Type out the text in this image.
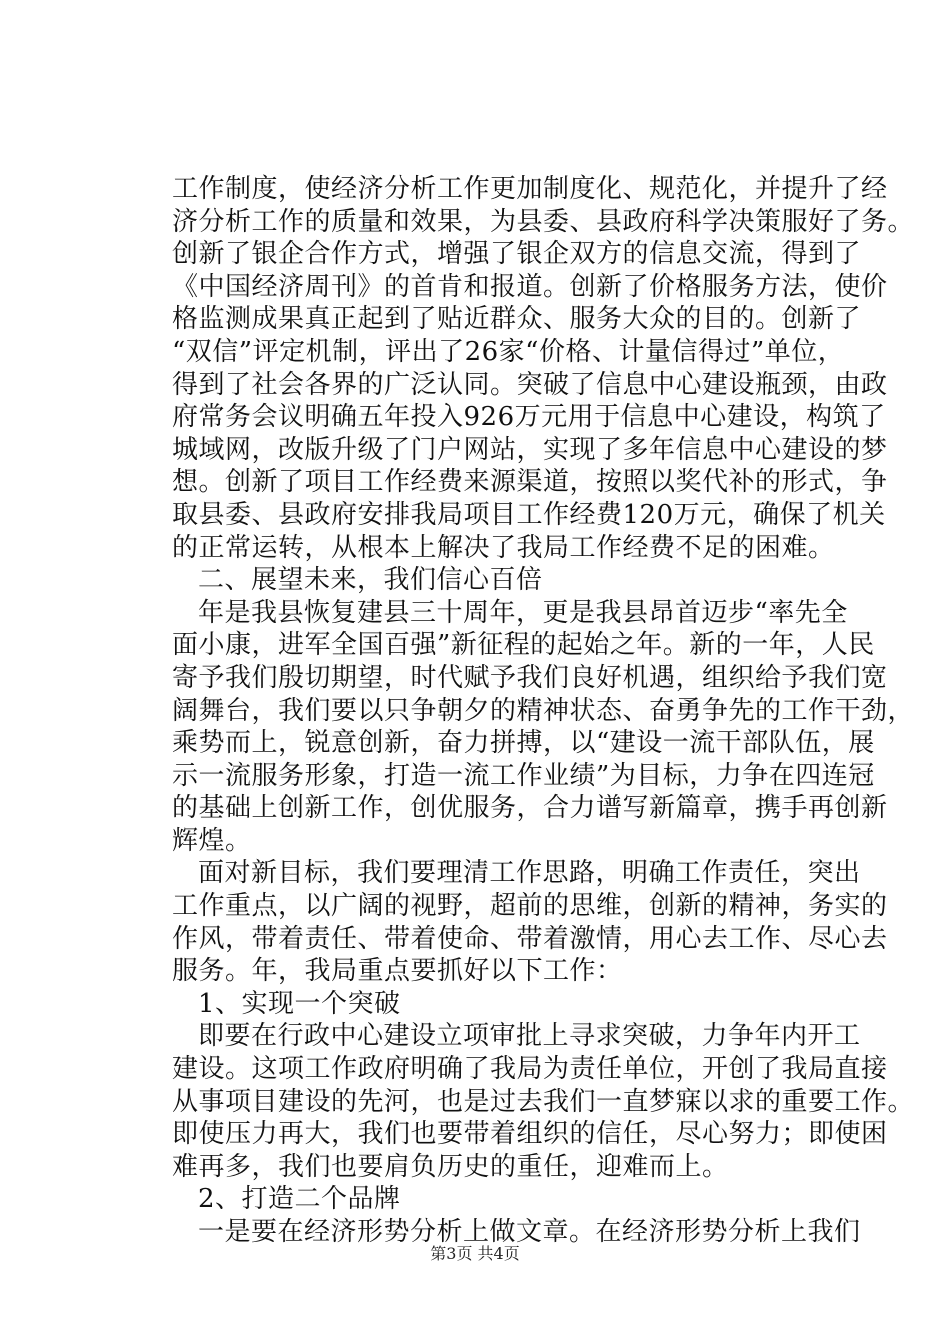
工作制度，使经济分析工作更加制度化、规范化，并提升了经
济分析工作的质量和效果，为县委、县政府科学决策服好了务。
创新了银企合作方式，增强了银企双方的信息交流，得到了
《中国经济周刊》的首肯和报道。创新了价格服务方法，使价
格监测成果真正起到了贴近群众、服务大众的目的。创新了
“双信”评定机制，评出了26家“价格、计量信得过”单位，
得到了社会各界的广泛认同。突破了信息中心建设瓶颈，由政
府常务会议明确五年投入926万元用于信息中心建设，构筑了
城域网，改版升级了门户网站，实现了多年信息中心建设的梦
想。创新了项目工作经费来源渠道，按照以奖代补的形式，争
取县委、县政府安排我局项目工作经费120万元，确保了机关
的正常运转，从根本上解决了我局工作经费不足的困难。
二、展望未来，我们信心百倍
年是我县恢复建县三十周年，更是我县昂首迈步“率先全
面小康，进军全国百强”新征程的起始之年。新的一年，人民
寄予我们殷切期望，时代赋予我们良好机遇，组织给予我们宽
阔舞台，我们要以只争朝夕的精神状态、奋勇争先的工作干劲，
乘势而上，锐意创新，奋力拼搏，以“建设一流干部队伍，展
示一流服务形象，打造一流工作业绩”为目标，力争在四连冠
的基础上创新工作，创优服务，合力谱写新篇章，携手再创新
辉煌。
面对新目标，我们要理清工作思路，明确工作责任，突出
工作重点，以广阔的视野，超前的思维，创新的精神，务实的
作风，带着责任、带着使命、带着激情，用心去工作、尽心去
服务。年，我局重点要抓好以下工作：
1、实现一个突破
即要在行政中心建设立项审批上寻求突破，力争年内开工
建设。这项工作政府明确了我局为责任单位，开创了我局直接
从事项目建设的先河，也是过去我们一直梦寐以求的重要工作。
即使压力再大，我们也要带着组织的信任，尽心努力；即使困
难再多，我们也要肩负历史的重任，迎难而上。
2、打造二个品牌
一是要在经济形势分析上做文章。在经济形势分析上我们
第3页 共4页
